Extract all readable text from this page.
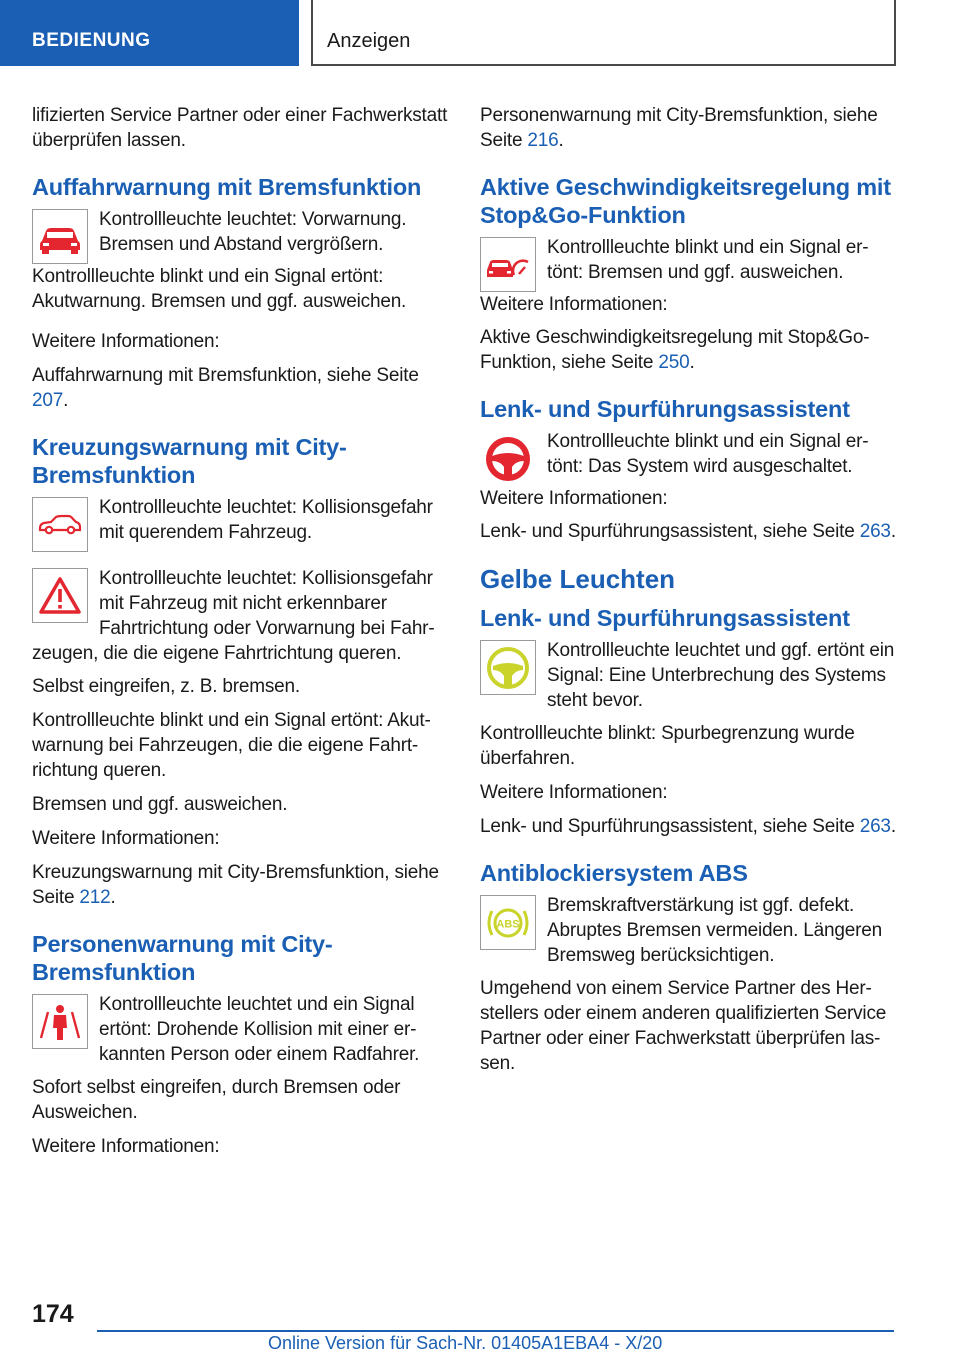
BEDIENUNG	Anzeigen

lifizierten Service Partner oder einer Fachwerkstatt überprüfen lassen.

Auffahrwarnung mit Bremsfunktion

Kontrollleuchte leuchtet: Vorwarnung. Bremsen und Abstand vergrößern.

Kontrollleuchte blinkt und ein Signal ertönt: Akutwarnung. Bremsen und ggf. ausweichen.

Weitere Informationen:

Auffahrwarnung mit Bremsfunktion, siehe Seite 207.

Kreuzungswarnung mit City-Bremsfunktion

Kontrollleuchte leuchtet: Kollisionsgefahr mit querendem Fahrzeug.

Kontrollleuchte leuchtet: Kollisionsgefahr mit Fahrzeug mit nicht erkennbarer Fahrtrichtung oder Vorwarnung bei Fahrzeugen, die die eigene Fahrtrichtung queren.

Selbst eingreifen, z. B. bremsen.

Kontrollleuchte blinkt und ein Signal ertönt: Akutwarnung bei Fahrzeugen, die die eigene Fahrtrichtung queren.

Bremsen und ggf. ausweichen.

Weitere Informationen:

Kreuzungswarnung mit City-Bremsfunktion, siehe Seite 212.

Personenwarnung mit City-Bremsfunktion

Kontrollleuchte leuchtet und ein Signal ertönt: Drohende Kollision mit einer erkannten Person oder einem Radfahrer.

Sofort selbst eingreifen, durch Bremsen oder Ausweichen.

Weitere Informationen:

Personenwarnung mit City-Bremsfunktion, siehe Seite 216.

Aktive Geschwindigkeitsregelung mit Stop&Go-Funktion

Kontrollleuchte blinkt und ein Signal ertönt: Bremsen und ggf. ausweichen.

Weitere Informationen:

Aktive Geschwindigkeitsregelung mit Stop&Go-Funktion, siehe Seite 250.

Lenk- und Spurführungsassistent

Kontrollleuchte blinkt und ein Signal ertönt: Das System wird ausgeschaltet.

Weitere Informationen:

Lenk- und Spurführungsassistent, siehe Seite 263.

Gelbe Leuchten
Lenk- und Spurführungsassistent

Kontrollleuchte leuchtet und ggf. ertönt ein Signal: Eine Unterbrechung des Systems steht bevor.

Kontrollleuchte blinkt: Spurbegrenzung wurde überfahren.

Weitere Informationen:

Lenk- und Spurführungsassistent, siehe Seite 263.

Antiblockiersystem ABS
ABS

Bremskraftverstärkung ist ggf. defekt. Abruptes Bremsen vermeiden. Längeren Bremsweg berücksichtigen.

Umgehend von einem Service Partner des Herstellers oder einem anderen qualifizierten Service Partner oder einer Fachwerkstatt überprüfen lassen.

174
Online Version für Sach-Nr. 01405A1EBA4 - X/20
